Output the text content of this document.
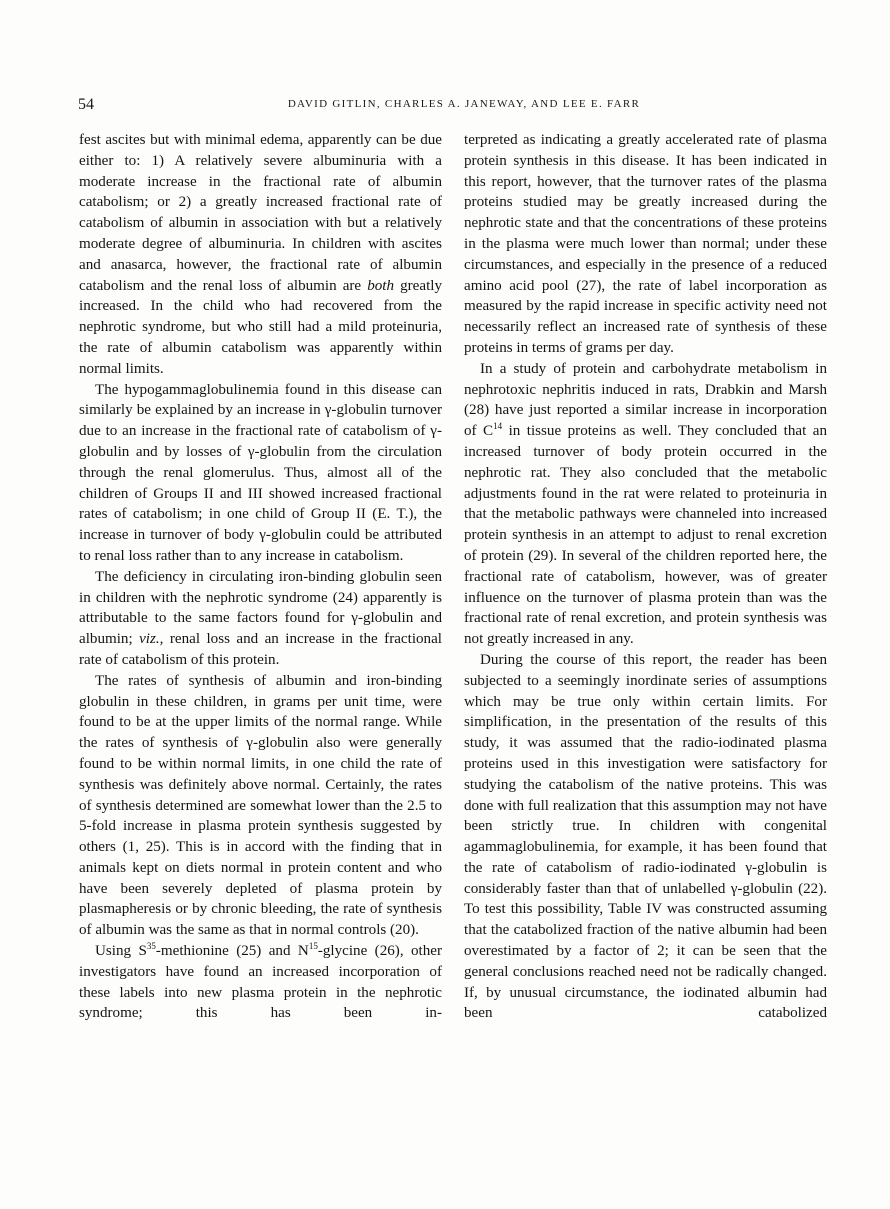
54	DAVID GITLIN, CHARLES A. JANEWAY, AND LEE E. FARR

fest ascites but with minimal edema, apparently can be due either to: 1) A relatively severe albuminuria with a moderate increase in the fractional rate of albumin catabolism; or 2) a greatly increased fractional rate of catabolism of albumin in association with but a relatively moderate degree of albuminuria. In children with ascites and anasarca, however, the fractional rate of albumin catabolism and the renal loss of albumin are both greatly increased. In the child who had recovered from the nephrotic syndrome, but who still had a mild proteinuria, the rate of albumin catabolism was apparently within normal limits.

The hypogammaglobulinemia found in this disease can similarly be explained by an increase in γ-globulin turnover due to an increase in the fractional rate of catabolism of γ-globulin and by losses of γ-globulin from the circulation through the renal glomerulus. Thus, almost all of the children of Groups II and III showed increased fractional rates of catabolism; in one child of Group II (E. T.), the increase in turnover of body γ-globulin could be attributed to renal loss rather than to any increase in catabolism.

The deficiency in circulating iron-binding globulin seen in children with the nephrotic syndrome (24) apparently is attributable to the same factors found for γ-globulin and albumin; viz., renal loss and an increase in the fractional rate of catabolism of this protein.

The rates of synthesis of albumin and iron-binding globulin in these children, in grams per unit time, were found to be at the upper limits of the normal range. While the rates of synthesis of γ-globulin also were generally found to be within normal limits, in one child the rate of synthesis was definitely above normal. Certainly, the rates of synthesis determined are somewhat lower than the 2.5 to 5-fold increase in plasma protein synthesis suggested by others (1, 25). This is in accord with the finding that in animals kept on diets normal in protein content and who have been severely depleted of plasma protein by plasmapheresis or by chronic bleeding, the rate of synthesis of albumin was the same as that in normal controls (20).

Using $S^{35}$-methionine (25) and $N^{15}$-glycine (26), other investigators have found an increased incorporation of these labels into new plasma protein in the nephrotic syndrome; this has been in-

terpreted as indicating a greatly accelerated rate of plasma protein synthesis in this disease. It has been indicated in this report, however, that the turnover rates of the plasma proteins studied may be greatly increased during the nephrotic state and that the concentrations of these proteins in the plasma were much lower than normal; under these circumstances, and especially in the presence of a reduced amino acid pool (27), the rate of label incorporation as measured by the rapid increase in specific activity need not necessarily reflect an increased rate of synthesis of these proteins in terms of grams per day.

In a study of protein and carbohydrate metabolism in nephrotoxic nephritis induced in rats, Drabkin and Marsh (28) have just reported a similar increase in incorporation of $C^{14}$ in tissue proteins as well. They concluded that an increased turnover of body protein occurred in the nephrotic rat. They also concluded that the metabolic adjustments found in the rat were related to proteinuria in that the metabolic pathways were channeled into increased protein synthesis in an attempt to adjust to renal excretion of protein (29). In several of the children reported here, the fractional rate of catabolism, however, was of greater influence on the turnover of plasma protein than was the fractional rate of renal excretion, and protein synthesis was not greatly increased in any.

During the course of this report, the reader has been subjected to a seemingly inordinate series of assumptions which may be true only within certain limits. For simplification, in the presentation of the results of this study, it was assumed that the radio-iodinated plasma proteins used in this investigation were satisfactory for studying the catabolism of the native proteins. This was done with full realization that this assumption may not have been strictly true. In children with congenital agammaglobulinemia, for example, it has been found that the rate of catabolism of radio-iodinated γ-globulin is considerably faster than that of unlabelled γ-globulin (22). To test this possibility, Table IV was constructed assuming that the catabolized fraction of the native albumin had been overestimated by a factor of 2; it can be seen that the general conclusions reached need not be radically changed. If, by unusual circumstance, the iodinated albumin had been catabolized
